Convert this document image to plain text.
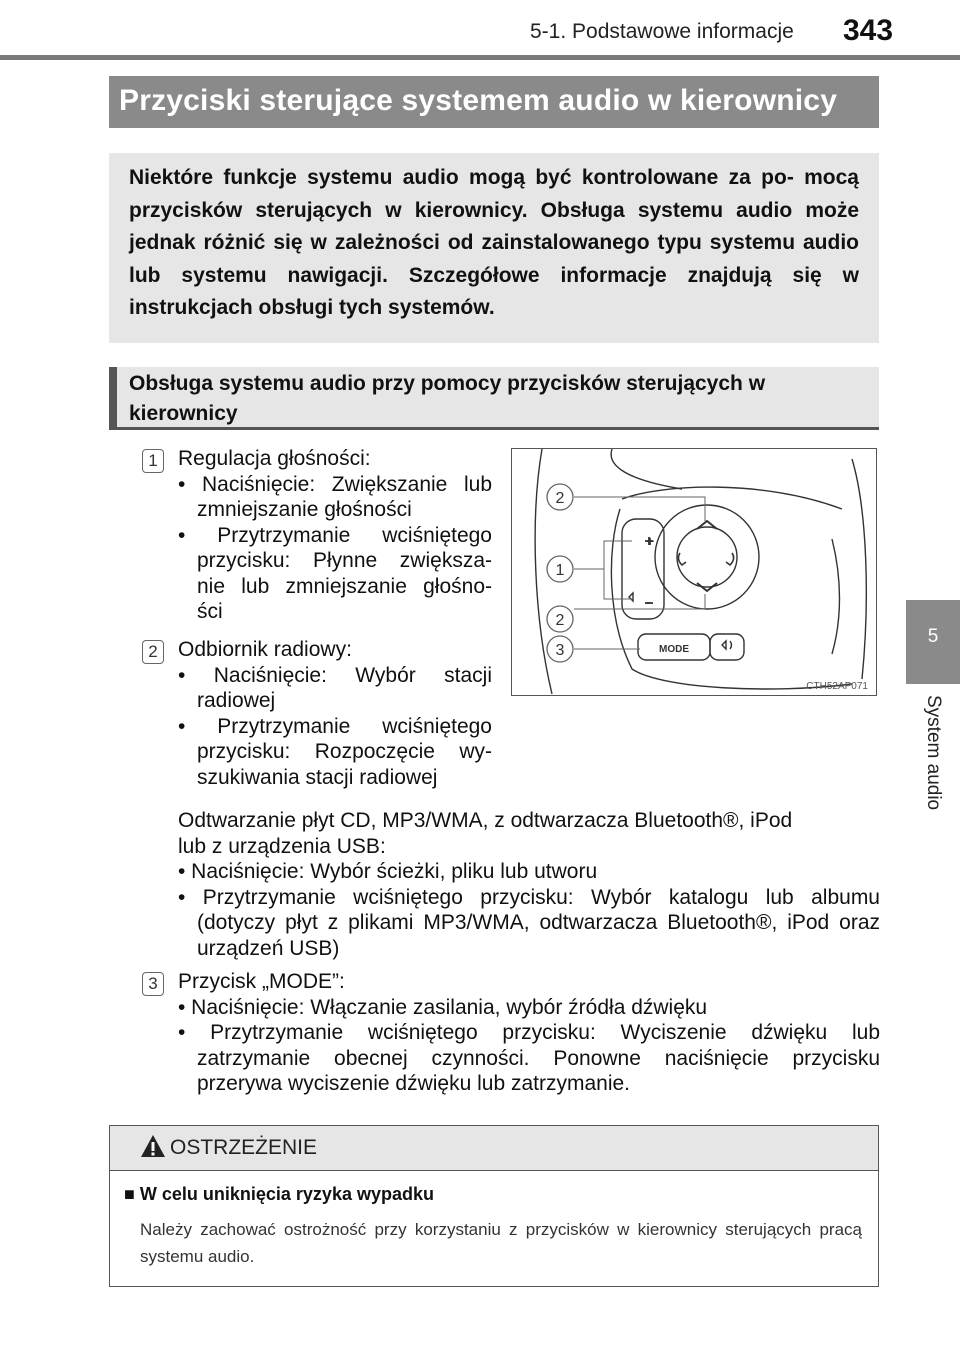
5-1. Podstawowe informacje 343
Przyciski sterujące systemem audio w kierownicy

Niektóre funkcje systemu audio mogą być kontrolowane za po- mocą przycisków sterujących w kierownicy. Obsługa systemu audio może jednak różnić się w zależności od zainstalowanego typu systemu audio lub systemu nawigacji. Szczegółowe informacje znajdują się w instrukcjach obsługi tych systemów.

Obsługa systemu audio przy pomocy przycisków sterujących w kierownicy

1 Regulacja głośności:
• Naciśnięcie: Zwiększanie lub zmniejszanie głośności
• Przytrzymanie wciśniętego przycisku: Płynne zwiększa- nie lub zmniejszanie głośno- ści
2 Odbiornik radiowy:
• Naciśnięcie: Wybór stacji radiowej
• Przytrzymanie wciśniętego przycisku: Rozpoczęcie wy- szukiwania stacji radiowej
Odtwarzanie płyt CD, MP3/WMA, z odtwarzacza Bluetooth®, iPod
lub z urządzenia USB:
• Naciśnięcie: Wybór ścieżki, pliku lub utworu
• Przytrzymanie wciśniętego przycisku: Wybór katalogu lub albumu (dotyczy płyt z plikami MP3/WMA, odtwarzacza Bluetooth®, iPod oraz urządzeń USB)
3 Przycisk „MODE”:
• Naciśnięcie: Włączanie zasilania, wybór źródła dźwięku
• Przytrzymanie wciśniętego przycisku: Wyciszenie dźwięku lub zatrzymanie obecnej czynności. Ponowne naciśnięcie przycisku przerywa wyciszenie dźwięku lub zatrzymanie.
2
1
2
3	MODE
+
-
CTH52AP071
5
System audio
OSTRZEŻENIE
■ W celu uniknięcia ryzyka wypadku
Należy zachować ostrożność przy korzystaniu z przycisków w kierownicy sterujących pracą systemu audio.
